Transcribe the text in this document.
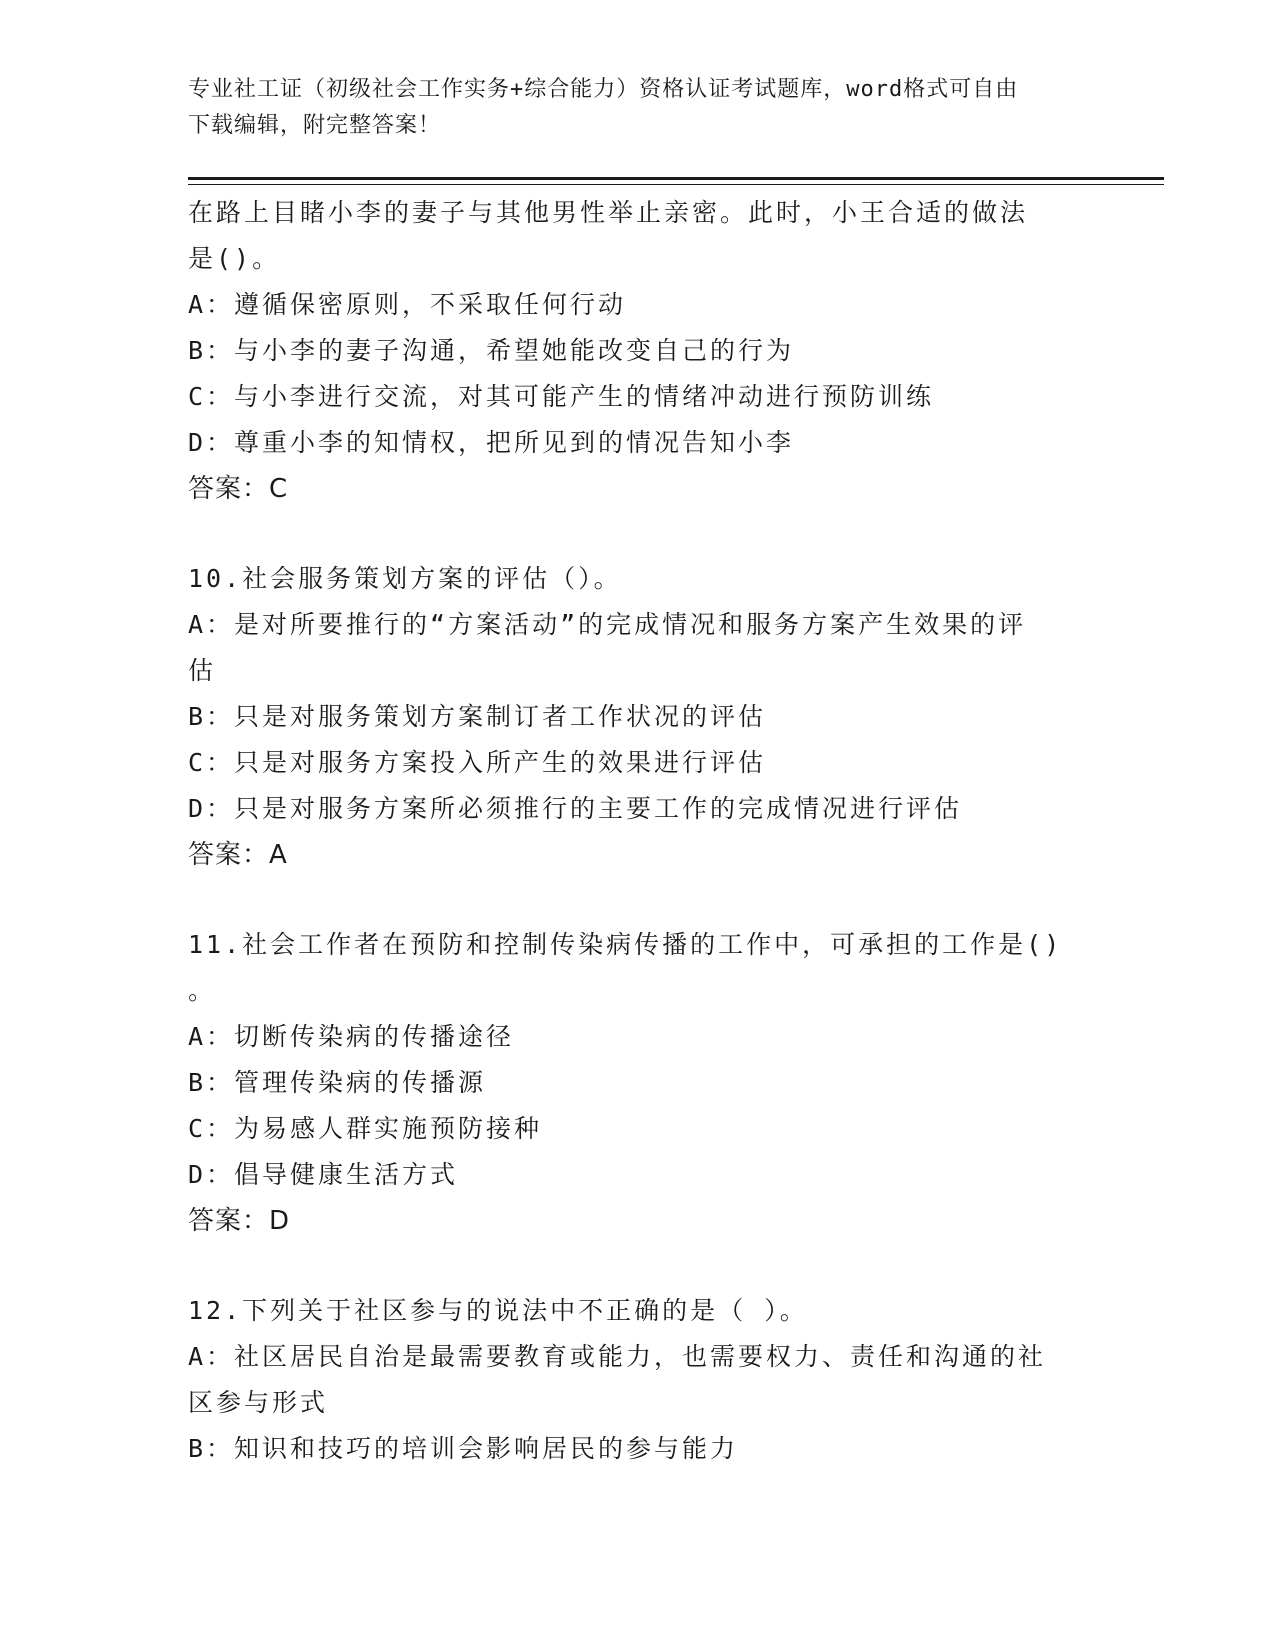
专业社工证（初级社会工作实务+综合能力）资格认证考试题库，word格式可自由
下载编辑，附完整答案！
在路上目睹小李的妻子与其他男性举止亲密。此时，小王合适的做法
是()。
A：遵循保密原则，不采取任何行动
B：与小李的妻子沟通，希望她能改变自己的行为
C：与小李进行交流，对其可能产生的情绪冲动进行预防训练
D：尊重小李的知情权，把所见到的情况告知小李
答案：C
10.社会服务策划方案的评估（）。
A：是对所要推行的“方案活动”的完成情况和服务方案产生效果的评
估
B：只是对服务策划方案制订者工作状况的评估
C：只是对服务方案投入所产生的效果进行评估
D：只是对服务方案所必须推行的主要工作的完成情况进行评估
答案：A
11.社会工作者在预防和控制传染病传播的工作中，可承担的工作是()
。
A：切断传染病的传播途径
B：管理传染病的传播源
C：为易感人群实施预防接种
D：倡导健康生活方式
答案：D
12.下列关于社区参与的说法中不正确的是（ ）。
A：社区居民自治是最需要教育或能力，也需要权力、责任和沟通的社
区参与形式
B：知识和技巧的培训会影响居民的参与能力
